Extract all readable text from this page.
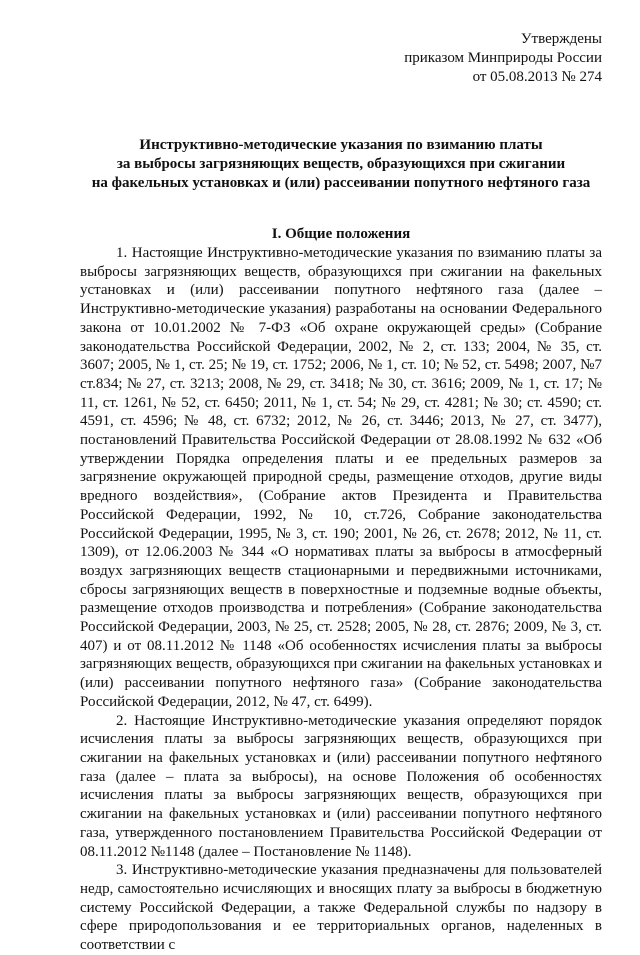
Утверждены
приказом Минприроды России
от 05.08.2013 № 274
Инструктивно-методические указания по взиманию платы
за выбросы загрязняющих веществ, образующихся при сжигании
на факельных установках и (или) рассеивании попутного нефтяного газа
I. Общие положения

1. Настоящие Инструктивно-методические указания по взиманию платы за выбросы загрязняющих веществ, образующихся при сжигании на факельных установках и (или) рассеивании попутного нефтяного газа (далее – Инструктивно-методические указания) разработаны на основании Федерального закона от 10.01.2002 № 7-ФЗ «Об охране окружающей среды» (Собрание законодательства Российской Федерации, 2002, № 2, ст. 133; 2004, № 35, ст. 3607; 2005, № 1, ст. 25; № 19, ст. 1752; 2006, № 1, ст. 10; № 52, ст. 5498; 2007, №7 ст.834; № 27, ст. 3213; 2008, № 29, ст. 3418; № 30, ст. 3616; 2009, № 1, ст. 17; № 11, ст. 1261, № 52, ст. 6450; 2011, № 1, ст. 54; № 29, ст. 4281; № 30; ст. 4590; ст. 4591, ст. 4596; № 48, ст. 6732; 2012, № 26, ст. 3446; 2013, № 27, ст. 3477), постановлений Правительства Российской Федерации от 28.08.1992 № 632 «Об утверждении Порядка определения платы и ее предельных размеров за загрязнение окружающей природной среды, размещение отходов, другие виды вредного воздействия», (Собрание актов Президента и Правительства Российской Федерации, 1992, № 10, ст.726, Собрание законодательства Российской Федерации, 1995, № 3, ст. 190; 2001, № 26, ст. 2678; 2012, № 11, ст. 1309), от 12.06.2003 № 344 «О нормативах платы за выбросы в атмосферный воздух загрязняющих веществ стационарными и передвижными источниками, сбросы загрязняющих веществ в поверхностные и подземные водные объекты, размещение отходов производства и потребления» (Собрание законодательства Российской Федерации, 2003, № 25, ст. 2528; 2005, № 28, ст. 2876; 2009, № 3, ст. 407) и от 08.11.2012 № 1148 «Об особенностях исчисления платы за выбросы загрязняющих веществ, образующихся при сжигании на факельных установках и (или) рассеивании попутного нефтяного газа» (Собрание законодательства Российской Федерации, 2012, № 47, ст. 6499).

2. Настоящие Инструктивно-методические указания определяют порядок исчисления платы за выбросы загрязняющих веществ, образующихся при сжигании на факельных установках и (или) рассеивании попутного нефтяного газа (далее – плата за выбросы), на основе Положения об особенностях исчисления платы за выбросы загрязняющих веществ, образующихся при сжигании на факельных установках и (или) рассеивании попутного нефтяного газа, утвержденного постановлением Правительства Российской Федерации от 08.11.2012 №1148 (далее – Постановление № 1148).

3. Инструктивно-методические указания предназначены для пользователей недр, самостоятельно исчисляющих и вносящих плату за выбросы в бюджетную систему Российской Федерации, а также Федеральной службы по надзору в сфере природопользования и ее территориальных органов, наделенных в соответствии с
